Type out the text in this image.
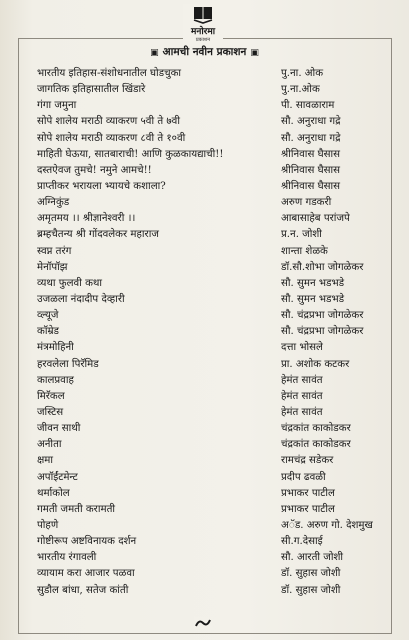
मनोरमा
प्रकाशन
▣ आमची नवीन प्रकाशन ▣
भारतीय इतिहास-संशोधनातील घोडचुका	पु.ना. ओक
जागतिक इतिहासातील खिंडारे	पु.ना.ओक
गंगा जमुना	पी. सावळाराम
सोपे शालेय मराठी व्याकरण ५वी ते ७वी	सौ. अनुराधा गद्रे
सोपे शालेय मराठी व्याकरण ८वी ते १०वी	सौ. अनुराधा गद्रे
माहिती घेऊया, सातबाराची! आणि कुळकायद्याची!!	श्रीनिवास घैसास
दस्तऐवज तुमचे! नमुने आमचे!!	श्रीनिवास घैसास
प्राप्तीकर भरायला भ्यायचे कशाला?	श्रीनिवास घैसास
अग्निकुंड	अरुण गडकरी
अमृतमय ।। श्रीज्ञानेश्वरी ।।	आबासाहेब परांजपे
ब्रम्हचैतन्य श्री गोंदवलेकर महाराज	प्र.न. जोशी
स्वप्न तरंग	शान्ता शेळके
मेनॉपॉझ	डॉ.सौ.शोभा जोगळेकर
व्यथा फुलवी कथा	सौ. सुमन भडभडे
उजळला नंदादीप देव्हारी	सौ. सुमन भडभडे
व्ल्यूजे	सौ. चंद्रप्रभा जोगळेकर
कॉम्रेड	सौ. चंद्रप्रभा जोगळेकर
मंत्रमोहिनी	दत्ता भोसले
हरवलेला पिरॅमिड	प्रा. अशोक कटकर
कालप्रवाह	हेमंत सावंत
मिरॅकल	हेमंत सावंत
जस्टिस	हेमंत सावंत
जीवन साथी	चंद्रकांत काकोडकर
अनीता	चंद्रकांत काकोडकर
क्षमा	रामचंद्र सडेकर
अपॉईंटमेन्ट	प्रदीप ढवळी
थर्माकोल	प्रभाकर पाटील
गमती जमती करामती	प्रभाकर पाटील
पोहणे	अॅड. अरुण गो. देशमुख
गोष्टीरूप अष्टविनायक दर्शन	सी.ग.देसाई
भारतीय रंगावली	सौ. आरती जोशी
व्यायाम करा आजार पळवा	डॉ. सुहास जोशी
सुडौल बांधा, सतेज कांती	डॉ. सुहास जोशी
